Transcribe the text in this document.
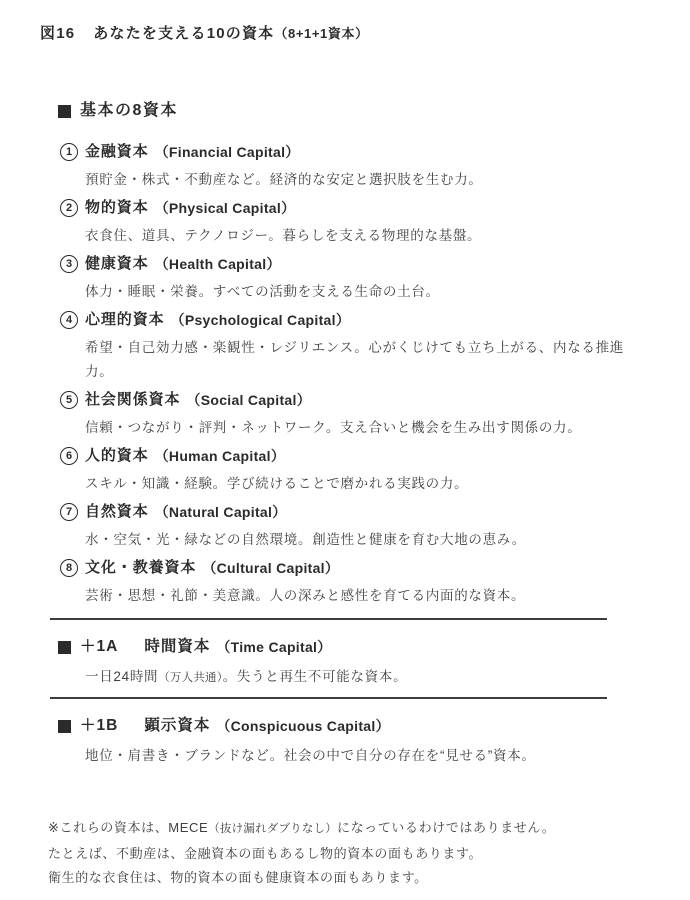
図16 あなたを支える10の資本（8+1+1資本）
基本の8資本
1 金融資本 （Financial Capital）
預貯金・株式・不動産など。経済的な安定と選択肢を生む力。
2 物的資本 （Physical Capital）
衣食住、道具、テクノロジー。暮らしを支える物理的な基盤。
3 健康資本 （Health Capital）
体力・睡眠・栄養。すべての活動を支える生命の土台。
4 心理的資本 （Psychological Capital）
希望・自己効力感・楽観性・レジリエンス。心がくじけても立ち上がる、内なる推進力。
5 社会関係資本 （Social Capital）
信頼・つながり・評判・ネットワーク。支え合いと機会を生み出す関係の力。
6 人的資本 （Human Capital）
スキル・知識・経験。学び続けることで磨かれる実践の力。
7 自然資本 （Natural Capital）
水・空気・光・緑などの自然環境。創造性と健康を育む大地の恵み。
8 文化・教養資本 （Cultural Capital）
芸術・思想・礼節・美意識。人の深みと感性を育てる内面的な資本。
＋1A 時間資本 （Time Capital）
一日24時間（万人共通）。失うと再生不可能な資本。
＋1B 顕示資本 （Conspicuous Capital）
地位・肩書き・ブランドなど。社会の中で自分の存在を“見せる”資本。
※これらの資本は、MECE（抜け漏れダブりなし）になっているわけではありません。
たとえば、不動産は、金融資本の面もあるし物的資本の面もあります。
衛生的な衣食住は、物的資本の面も健康資本の面もあります。
